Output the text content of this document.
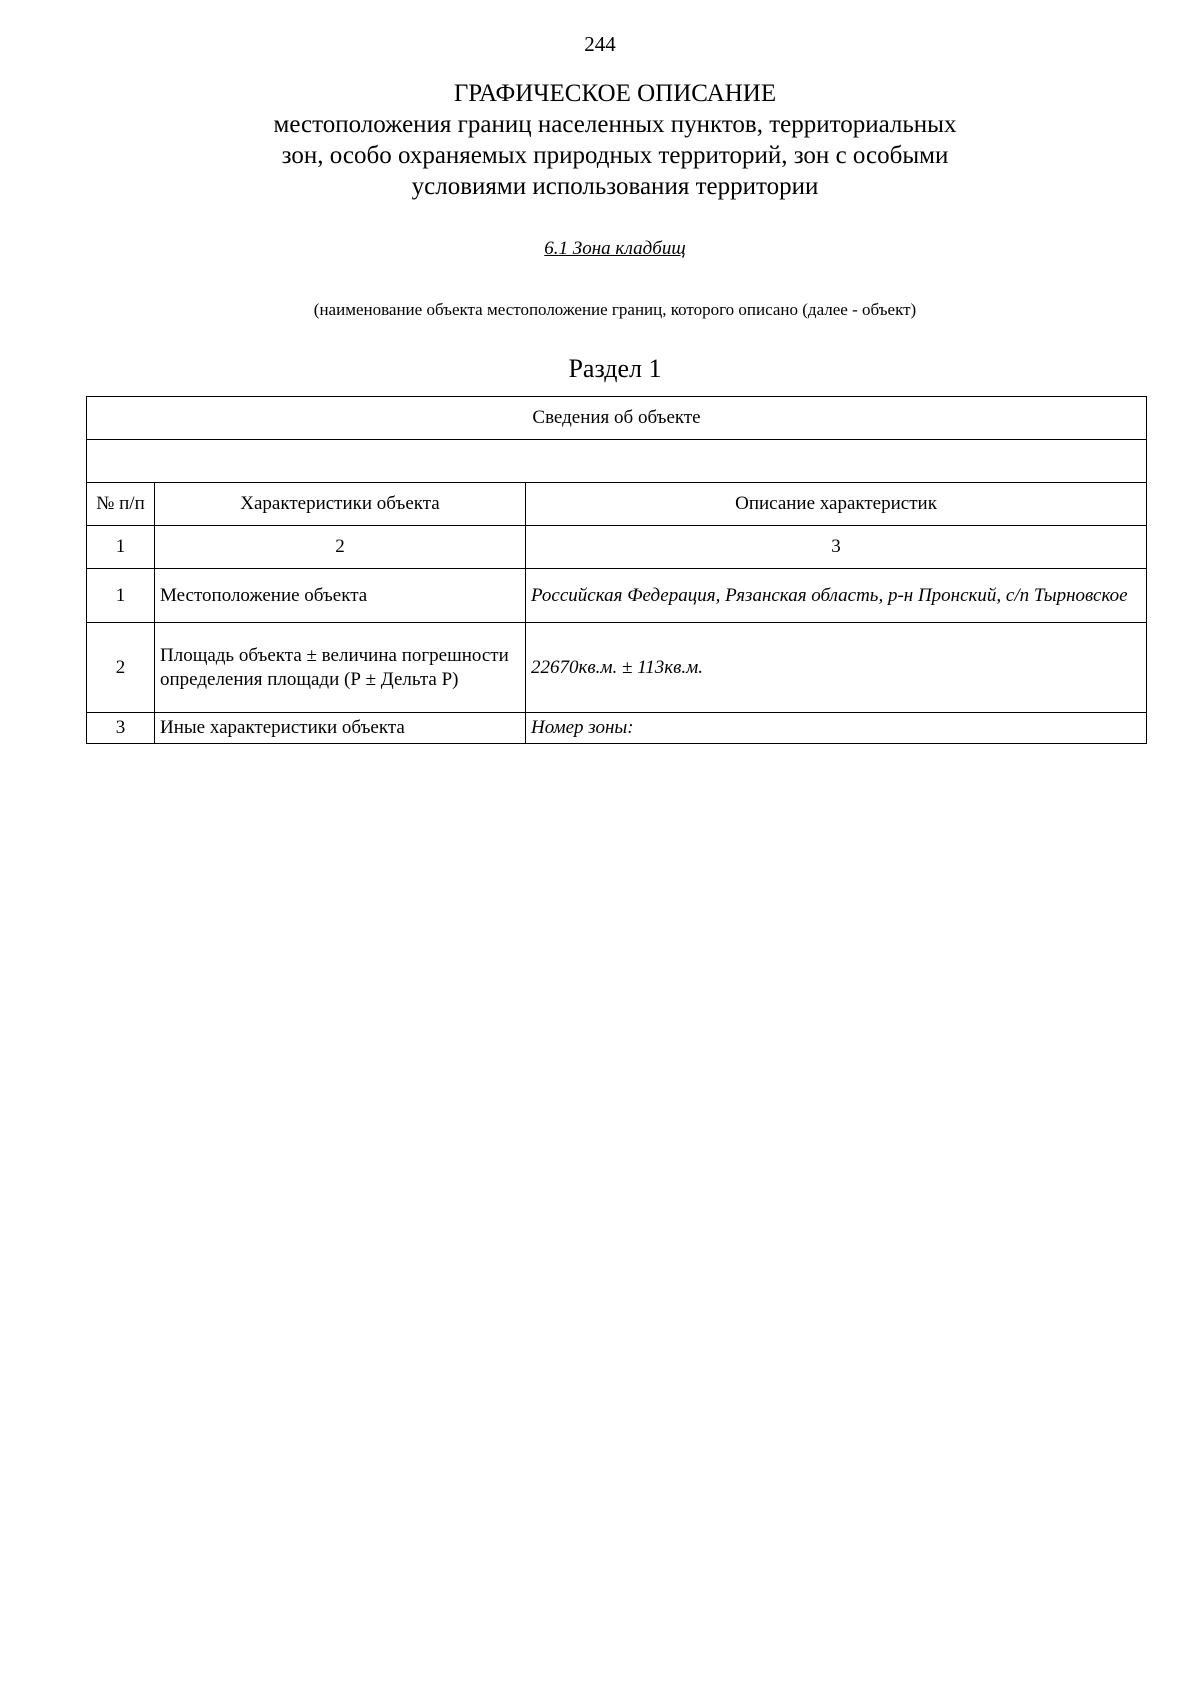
244
ГРАФИЧЕСКОЕ ОПИСАНИЕ
местоположения границ населенных пунктов, территориальных
зон, особо охраняемых природных территорий, зон с особыми
условиями использования территории
6.1 Зона кладбищ
(наименование объекта местоположение границ, которого описано (далее - объект)
Раздел 1
Сведения об объекте		

№ п/п	Характеристики объекта	Описание характеристик
1	2	3
1	Местоположение объекта	Российская Федерация, Рязанская область, р-н Пронский, с/п Тырновское
2	Площадь объекта ± величина погрешности определения площади (Р ± Дельта Р)	22670кв.м. ± 113кв.м.
3	Иные характеристики объекта	Номер зоны:
